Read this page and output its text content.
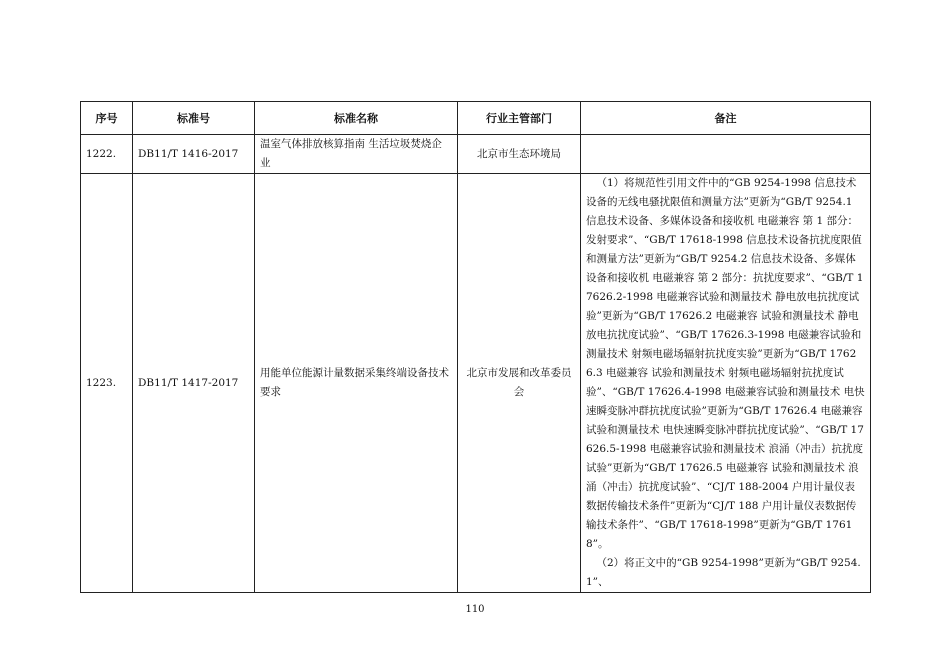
序号	标准号	标准名称	行业主管部门	备注
1222.	DB11/T 1416-2017	温室气体排放核算指南 生活垃圾焚烧企业	北京市生态环境局	

1223.	DB11/T 1417-2017	用能单位能源计量数据采集终端设备技术要求	北京市发展和改革委员会	（1）将规范性引用文件中的“GB 9254-1998 信息技术设备的无线电骚扰限值和测量方法”更新为“GB/T 9254.1 信息技术设备、多媒体设备和接收机 电磁兼容 第 1 部分：发射要求”、“GB/T 17618-1998 信息技术设备抗扰度限值和测量方法”更新为“GB/T 9254.2 信息技术设备、多媒体设备和接收机 电磁兼容 第 2 部分：抗扰度要求”、“GB/T 17626.2-1998 电磁兼容试验和测量技术 静电放电抗扰度试验”更新为“GB/T 17626.2 电磁兼容 试验和测量技术 静电放电抗扰度试验”、“GB/T 17626.3-1998 电磁兼容试验和测量技术 射频电磁场辐射抗扰度实验”更新为“GB/T 17626.3 电磁兼容 试验和测量技术 射频电磁场辐射抗扰度试验”、“GB/T 17626.4-1998 电磁兼容试验和测量技术 电快速瞬变脉冲群抗扰度试验”更新为“GB/T 17626.4 电磁兼容 试验和测量技术 电快速瞬变脉冲群抗扰度试验”、“GB/T 17626.5-1998 电磁兼容试验和测量技术 浪涌（冲击）抗扰度试验”更新为“GB/T 17626.5 电磁兼容 试验和测量技术 浪涌（冲击）抗扰度试验”、“CJ/T 188-2004 户用计量仪表数据传输技术条件”更新为“CJ/T 188 户用计量仪表数据传输技术条件”、“GB/T 17618-1998”更新为“GB/T 17618”。
（2）将正文中的“GB 9254-1998”更新为“GB/T 9254.1”、
110
